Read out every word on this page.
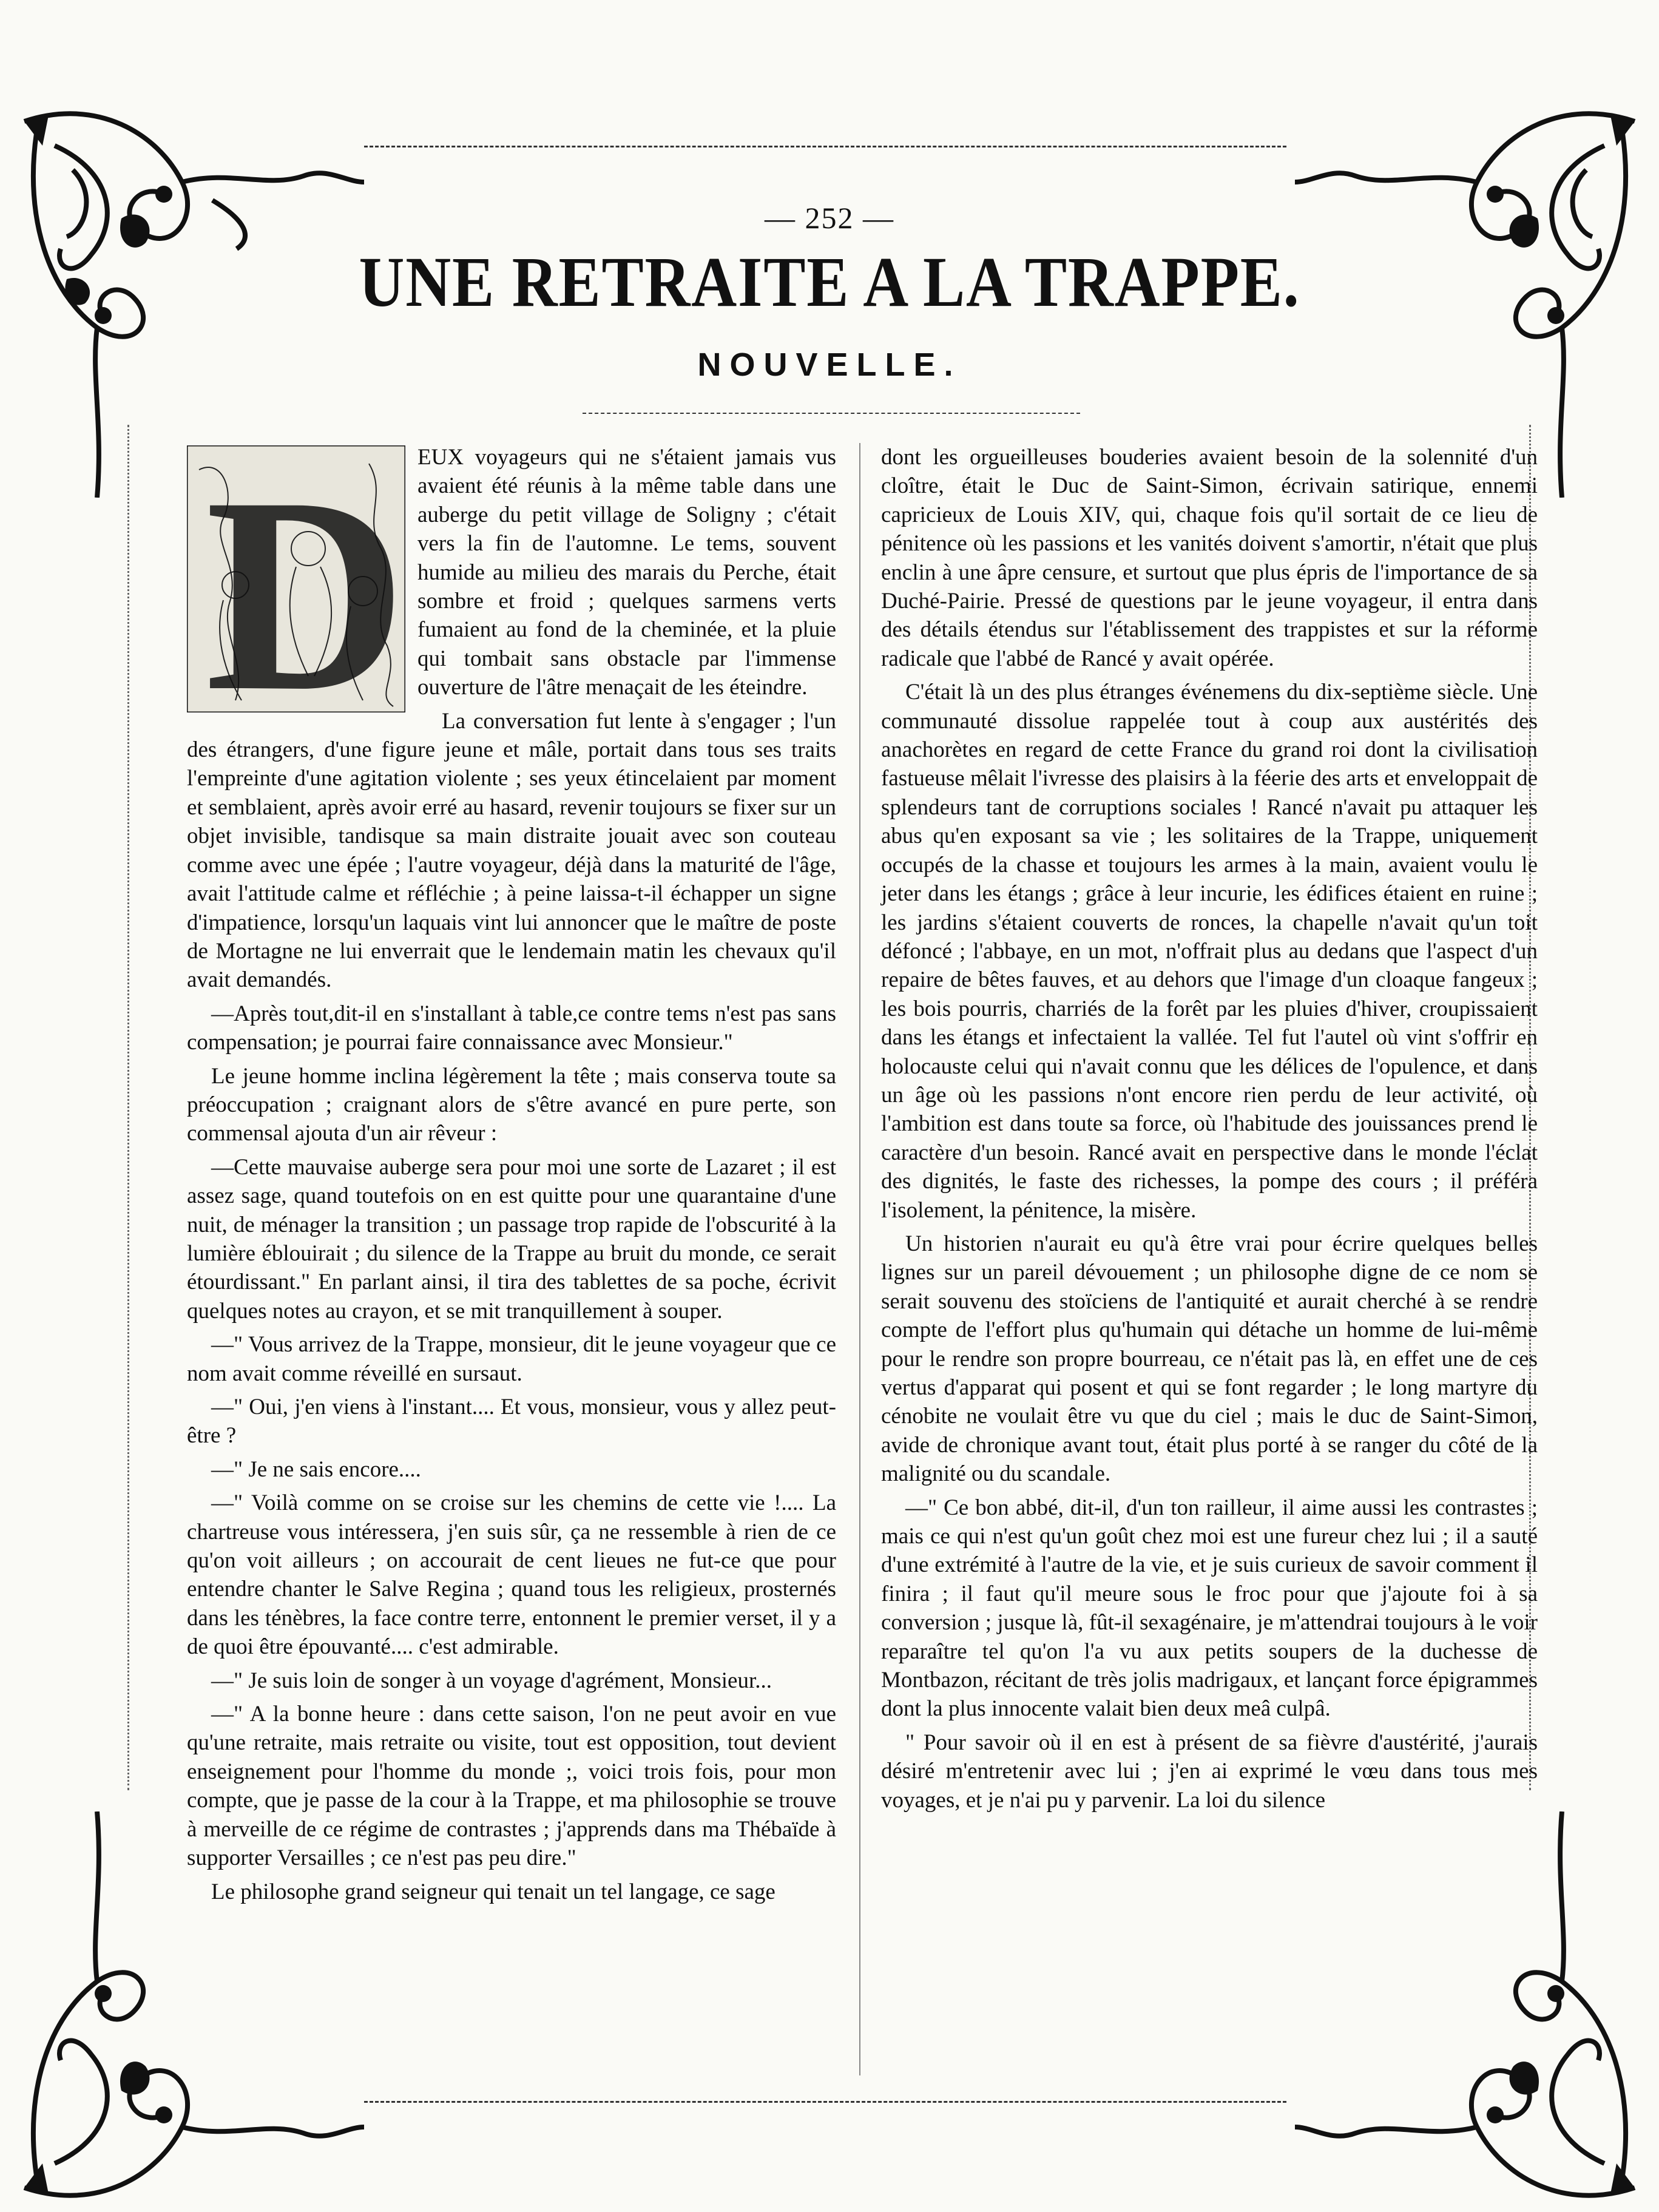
— 252 —
UNE RETRAITE A LA TRAPPE.
NOUVELLE.
D EUX voyageurs qui ne s'étaient jamais vus avaient été réunis à la même table dans une auberge du petit village de Soligny ; c'était vers la fin de l'automne. Le tems, souvent humide au milieu des marais du Perche, était sombre et froid ; quelques sarmens verts fumaient au fond de la cheminée, et la pluie qui tombait sans obstacle par l'immense ouverture de l'âtre menaçait de les éteindre.

La conversation fut lente à s'engager ; l'un des étrangers, d'une figure jeune et mâle, portait dans tous ses traits l'empreinte d'une agitation violente ; ses yeux étincelaient par moment et semblaient, après avoir erré au hasard, revenir toujours se fixer sur un objet invisible, tandisque sa main distraite jouait avec son couteau comme avec une épée ; l'autre voyageur, déjà dans la maturité de l'âge, avait l'attitude calme et réfléchie ; à peine laissa-t-il échapper un signe d'impatience, lorsqu'un laquais vint lui annoncer que le maître de poste de Mortagne ne lui enverrait que le lendemain matin les chevaux qu'il avait demandés.

—Après tout,dit-il en s'installant à table,ce contre tems n'est pas sans compensation; je pourrai faire connaissance avec Monsieur."

Le jeune homme inclina légèrement la tête ; mais conserva toute sa préoccupation ; craignant alors de s'être avancé en pure perte, son commensal ajouta d'un air rêveur :

—Cette mauvaise auberge sera pour moi une sorte de Lazaret ; il est assez sage, quand toutefois on en est quitte pour une quarantaine d'une nuit, de ménager la transition ; un passage trop rapide de l'obscurité à la lumière éblouirait ; du silence de la Trappe au bruit du monde, ce serait étourdissant." En parlant ainsi, il tira des tablettes de sa poche, écrivit quelques notes au crayon, et se mit tranquillement à souper.

—" Vous arrivez de la Trappe, monsieur, dit le jeune voyageur que ce nom avait comme réveillé en sursaut.

—" Oui, j'en viens à l'instant.... Et vous, monsieur, vous y allez peut-être ?

—" Je ne sais encore....

—" Voilà comme on se croise sur les chemins de cette vie !.... La chartreuse vous intéressera, j'en suis sûr, ça ne ressemble à rien de ce qu'on voit ailleurs ; on accourait de cent lieues ne fut-ce que pour entendre chanter le Salve Regina ; quand tous les religieux, prosternés dans les ténèbres, la face contre terre, entonnent le premier verset, il y a de quoi être épouvanté.... c'est admirable.

—" Je suis loin de songer à un voyage d'agrément, Monsieur...

—" A la bonne heure : dans cette saison, l'on ne peut avoir en vue qu'une retraite, mais retraite ou visite, tout est opposition, tout devient enseignement pour l'homme du monde ;, voici trois fois, pour mon compte, que je passe de la cour à la Trappe, et ma philosophie se trouve à merveille de ce régime de contrastes ; j'apprends dans ma Thébaïde à supporter Versailles ; ce n'est pas peu dire."

Le philosophe grand seigneur qui tenait un tel langage, ce sage

dont les orgueilleuses bouderies avaient besoin de la solennité d'un cloître, était le Duc de Saint-Simon, écrivain satirique, ennemi capricieux de Louis XIV, qui, chaque fois qu'il sortait de ce lieu de pénitence où les passions et les vanités doivent s'amortir, n'était que plus enclin à une âpre censure, et surtout que plus épris de l'importance de sa Duché-Pairie. Pressé de questions par le jeune voyageur, il entra dans des détails étendus sur l'établissement des trappistes et sur la réforme radicale que l'abbé de Rancé y avait opérée.

C'était là un des plus étranges événemens du dix-septième siècle. Une communauté dissolue rappelée tout à coup aux austérités des anachorètes en regard de cette France du grand roi dont la civilisation fastueuse mêlait l'ivresse des plaisirs à la féerie des arts et enveloppait de splendeurs tant de corruptions sociales ! Rancé n'avait pu attaquer les abus qu'en exposant sa vie ; les solitaires de la Trappe, uniquement occupés de la chasse et toujours les armes à la main, avaient voulu le jeter dans les étangs ; grâce à leur incurie, les édifices étaient en ruine ; les jardins s'étaient couverts de ronces, la chapelle n'avait qu'un toit défoncé ; l'abbaye, en un mot, n'offrait plus au dedans que l'aspect d'un repaire de bêtes fauves, et au dehors que l'image d'un cloaque fangeux ; les bois pourris, charriés de la forêt par les pluies d'hiver, croupissaient dans les étangs et infectaient la vallée. Tel fut l'autel où vint s'offrir en holocauste celui qui n'avait connu que les délices de l'opulence, et dans un âge où les passions n'ont encore rien perdu de leur activité, où l'ambition est dans toute sa force, où l'habitude des jouissances prend le caractère d'un besoin. Rancé avait en perspective dans le monde l'éclat des dignités, le faste des richesses, la pompe des cours ; il préféra l'isolement, la pénitence, la misère.

Un historien n'aurait eu qu'à être vrai pour écrire quelques belles lignes sur un pareil dévouement ; un philosophe digne de ce nom se serait souvenu des stoïciens de l'antiquité et aurait cherché à se rendre compte de l'effort plus qu'humain qui détache un homme de lui-même pour le rendre son propre bourreau, ce n'était pas là, en effet une de ces vertus d'apparat qui posent et qui se font regarder ; le long martyre du cénobite ne voulait être vu que du ciel ; mais le duc de Saint-Simon, avide de chronique avant tout, était plus porté à se ranger du côté de la malignité ou du scandale.

—" Ce bon abbé, dit-il, d'un ton railleur, il aime aussi les contrastes ; mais ce qui n'est qu'un goût chez moi est une fureur chez lui ; il a sauté d'une extrémité à l'autre de la vie, et je suis curieux de savoir comment il finira ; il faut qu'il meure sous le froc pour que j'ajoute foi à sa conversion ; jusque là, fût-il sexagénaire, je m'attendrai toujours à le voir reparaître tel qu'on l'a vu aux petits soupers de la duchesse de Montbazon, récitant de très jolis madrigaux, et lançant force épigrammes dont la plus innocente valait bien deux meâ culpâ.

" Pour savoir où il en est à présent de sa fièvre d'austérité, j'aurais désiré m'entretenir avec lui ; j'en ai exprimé le vœu dans tous mes voyages, et je n'ai pu y parvenir. La loi du silence
